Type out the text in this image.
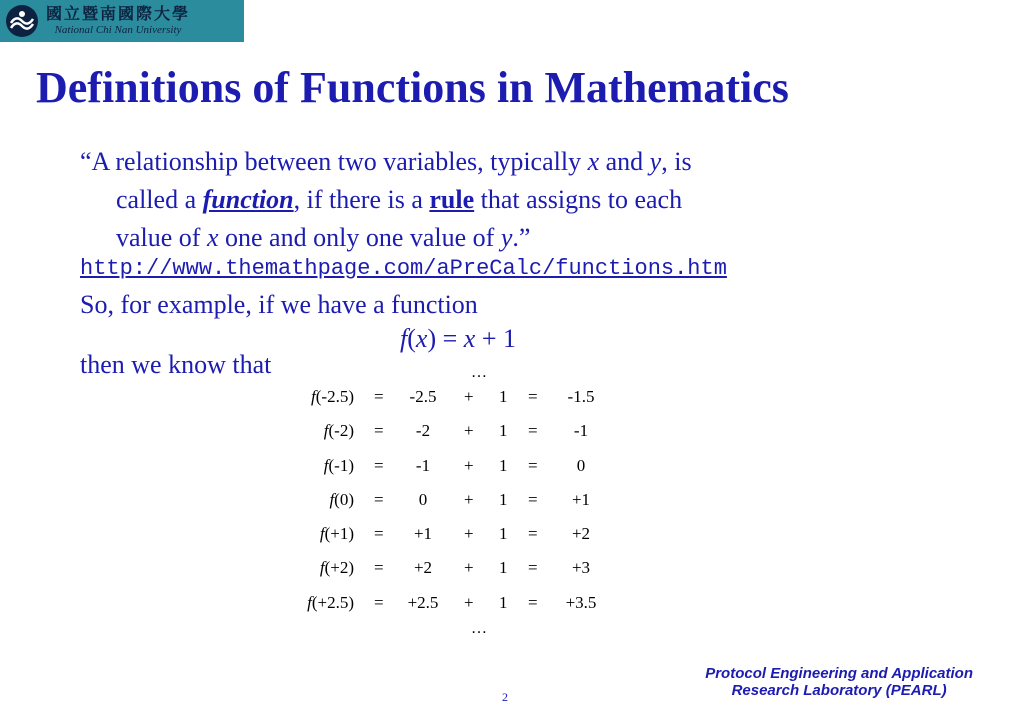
國立暨南國際大學
National Chi Nan University
Definitions of Functions in Mathematics
“A relationship between two variables, typically x and y, is
called a function, if there is a rule that assigns to each
value of x one and only one value of y.”
http://www.themathpage.com/aPreCalc/functions.htm
So, for example, if we have a function
f(x) = x + 1
then we know that	…
f(-2.5) =	-2.5	+ 1 =	-1.5
f(-2) =	-2	+ 1 =	-1
f(-1) =	-1	+ 1 =	0
f(0) =	0	+ 1 =	+1
f(+1) =	+1	+ 1 =	+2
f(+2) =	+2	+ 1 =	+3
f(+2.5) =	+2.5	+ 1 =	+3.5
…
Protocol Engineering and Application
Research Laboratory (PEARL)
2
